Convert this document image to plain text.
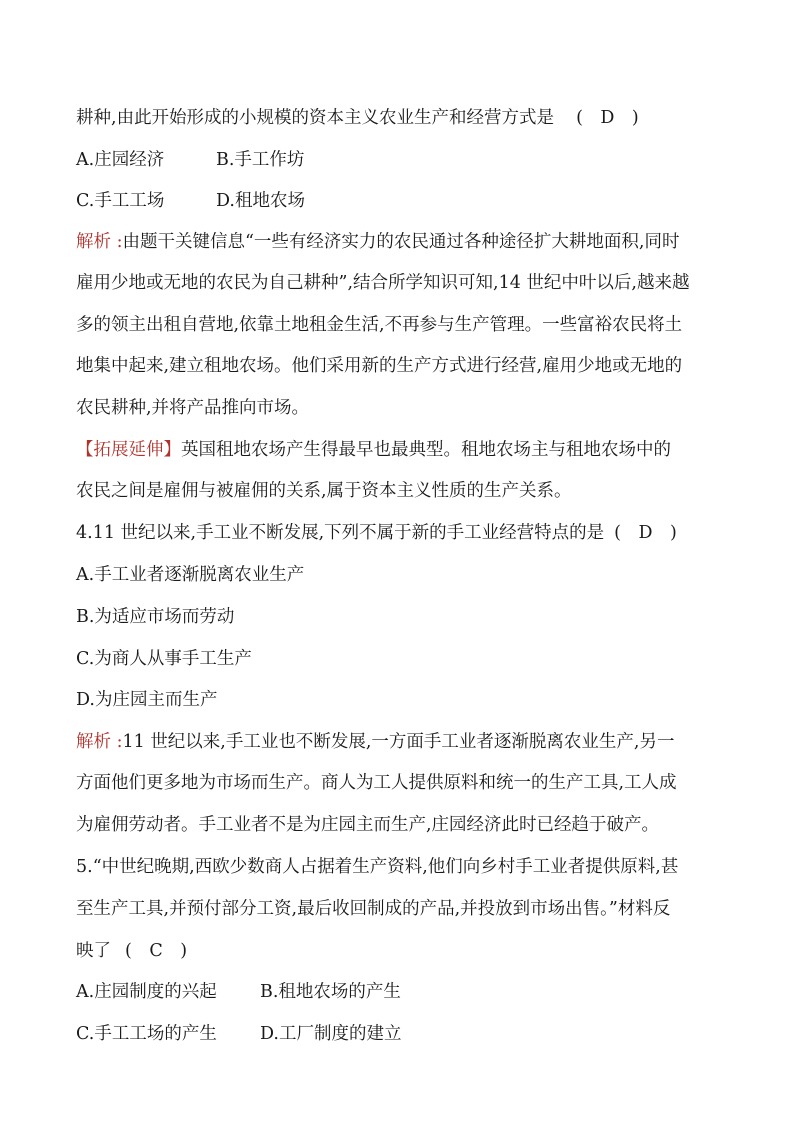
耕种,由此开始形成的小规模的资本主义农业生产和经营方式是 (　D　)
A.庄园经济	B.手工作坊
C.手工工场	D.租地农场
解析 :由题干关键信息“一些有经济实力的农民通过各种途径扩大耕地面积,同时
雇用少地或无地的农民为自己耕种”,结合所学知识可知,14 世纪中叶以后,越来越
多的领主出租自营地,依靠土地租金生活,不再参与生产管理。一些富裕农民将土
地集中起来,建立租地农场。他们采用新的生产方式进行经营,雇用少地或无地的
农民耕种,并将产品推向市场。
【拓展延伸】英国租地农场产生得最早也最典型。租地农场主与租地农场中的
农民之间是雇佣与被雇佣的关系,属于资本主义性质的生产关系。
4.11 世纪以来,手工业不断发展,下列不属于新的手工业经营特点的是 (　D　)
A.手工业者逐渐脱离农业生产
B.为适应市场而劳动
C.为商人从事手工生产
D.为庄园主而生产
解析 :11 世纪以来,手工业也不断发展,一方面手工业者逐渐脱离农业生产,另一
方面他们更多地为市场而生产。商人为工人提供原料和统一的生产工具,工人成
为雇佣劳动者。手工业者不是为庄园主而生产,庄园经济此时已经趋于破产。
5.“中世纪晚期,西欧少数商人占据着生产资料,他们向乡村手工业者提供原料,甚
至生产工具,并预付部分工资,最后收回制成的产品,并投放到市场出售。”材料反
映了 (　C　)
A.庄园制度的兴起 B.租地农场的产生
C.手工工场的产生 D.工厂制度的建立
